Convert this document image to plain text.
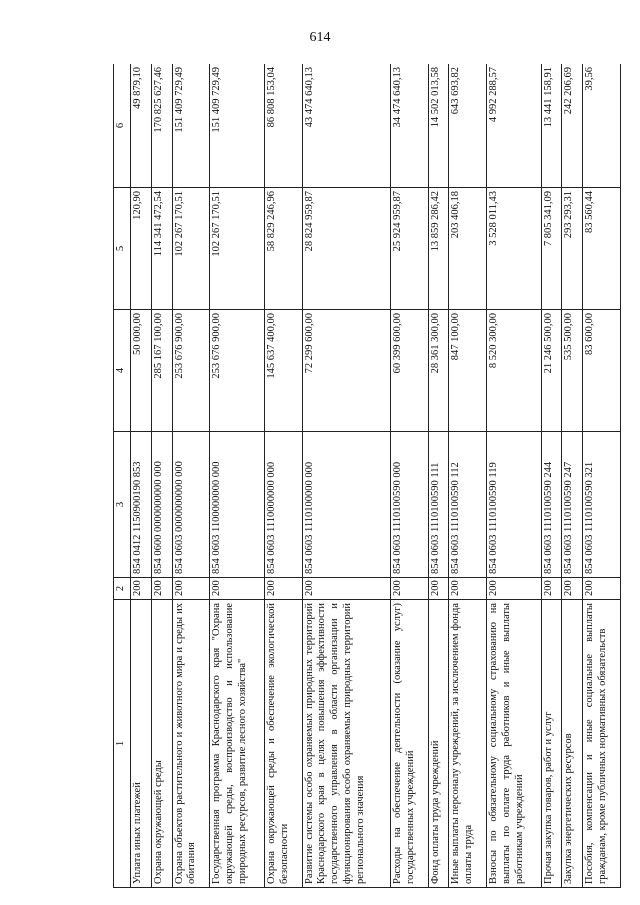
614
1	2	3	4	5	6
Уплата иных платежей	200	854 0412 1150900190 853	50 000,00	120,90	49 879,10
Охрана окружающей среды	200	854 0600 0000000000 000	285 167 100,00	114 341 472,54	170 825 627,46
Охрана объектов растительного и животного мира и среды их обитания	200	854 0603 0000000000 000	253 676 900,00	102 267 170,51	151 409 729,49
Государственная программа Краснодарского края "Охрана окружающей среды, воспроизводство и использование природных ресурсов, развитие лесного хозяйства"	200	854 0603 1100000000 000	253 676 900,00	102 267 170,51	151 409 729,49
Охрана окружающей среды и обеспечение экологической безопасности	200	854 0603 1110000000 000	145 637 400,00	58 829 246,96	86 808 153,04
Развитие системы особо охраняемых природных территорий Краснодарского края в целях повышения эффективности государственного управления в области организации и функционирования особо охраняемых природных территорий регионального значения	200	854 0603 1110100000 000	72 299 600,00	28 824 959,87	43 474 640,13
Расходы на обеспечение деятельности (оказание услуг) государственных учреждений	200	854 0603 1110100590 000	60 399 600,00	25 924 959,87	34 474 640,13
Фонд оплаты труда учреждений	200	854 0603 1110100590 111	28 361 300,00	13 859 286,42	14 502 013,58
Иные выплаты персоналу учреждений, за исключением фонда оплаты труда	200	854 0603 1110100590 112	847 100,00	203 406,18	643 693,82
Взносы по обязательному социальному страхованию на выплаты по оплате труда работников и иные выплаты работникам учреждений	200	854 0603 1110100590 119	8 520 300,00	3 528 011,43	4 992 288,57
Прочая закупка товаров, работ и услуг	200	854 0603 1110100590 244	21 246 500,00	7 805 341,09	13 441 158,91
Закупка энергетических ресурсов	200	854 0603 1110100590 247	535 500,00	293 293,31	242 206,69
Пособия, компенсации и иные социальные выплаты гражданам, кроме публичных нормативных обязательств	200	854 0603 1110100590 321	83 600,00	83 560,44	39,56
